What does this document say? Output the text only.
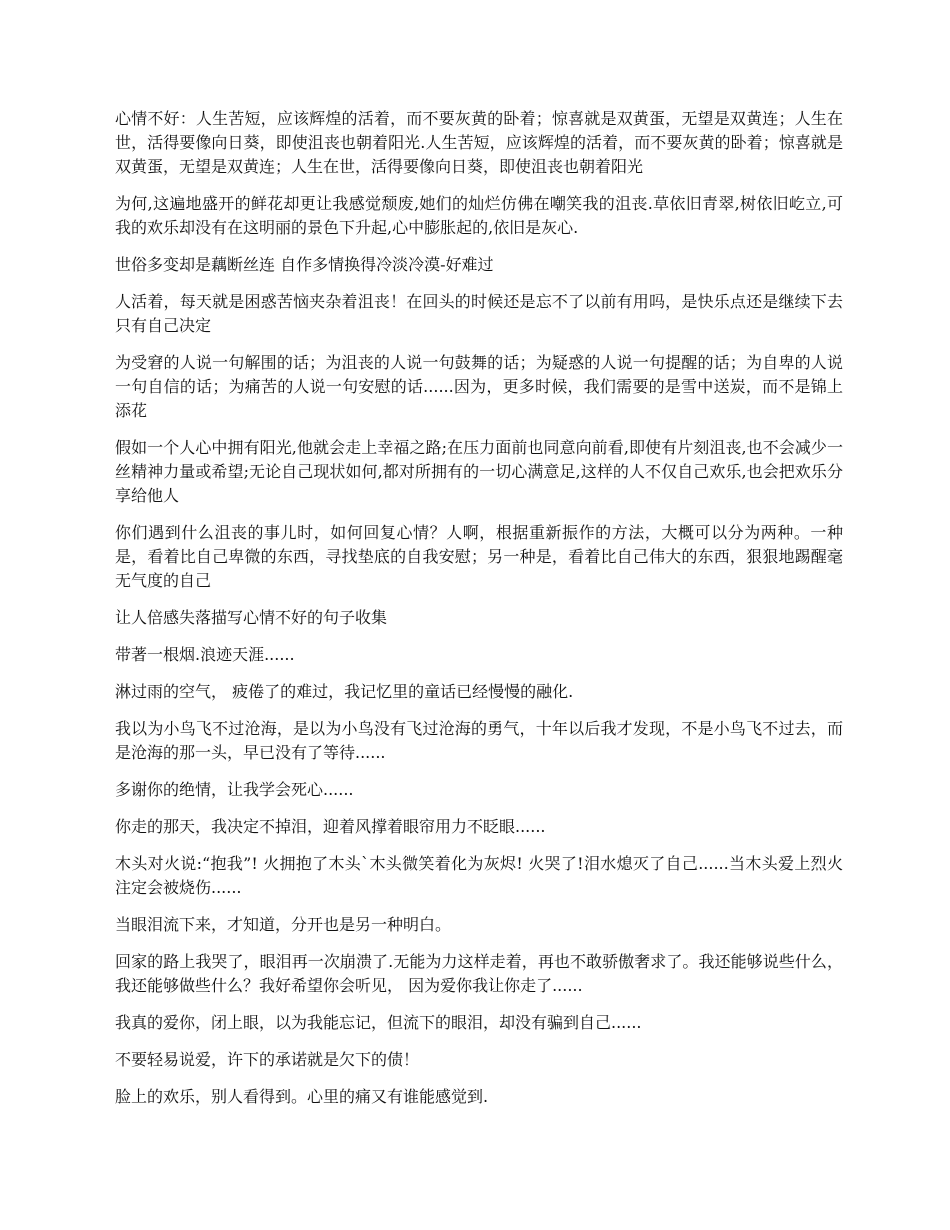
心情不好：人生苦短，应该辉煌的活着，而不要灰黄的卧着；惊喜就是双黄蛋，无望是双黄连；人生在世，活得要像向日葵，即使沮丧也朝着阳光.人生苦短，应该辉煌的活着，而不要灰黄的卧着；惊喜就是双黄蛋，无望是双黄连；人生在世，活得要像向日葵，即使沮丧也朝着阳光

为何,这遍地盛开的鲜花却更让我感觉颓废,她们的灿烂仿佛在嘲笑我的沮丧.草依旧青翠,树依旧屹立,可我的欢乐却没有在这明丽的景色下升起,心中膨胀起的,依旧是灰心.

世俗多变却是藕断丝连 自作多情换得冷淡冷漠-好难过

人活着，每天就是困惑苦恼夹杂着沮丧！在回头的时候还是忘不了以前有用吗，是快乐点还是继续下去只有自己决定

为受窘的人说一句解围的话；为沮丧的人说一句鼓舞的话；为疑惑的人说一句提醒的话；为自卑的人说一句自信的话；为痛苦的人说一句安慰的话......因为，更多时候，我们需要的是雪中送炭，而不是锦上添花

假如一个人心中拥有阳光,他就会走上幸福之路;在压力面前也同意向前看,即使有片刻沮丧,也不会减少一丝精神力量或希望;无论自己现状如何,都对所拥有的一切心满意足,这样的人不仅自己欢乐,也会把欢乐分享给他人

你们遇到什么沮丧的事儿时，如何回复心情？人啊，根据重新振作的方法，大概可以分为两种。一种是，看着比自己卑微的东西，寻找垫底的自我安慰；另一种是，看着比自己伟大的东西，狠狠地踢醒毫无气度的自己

让人倍感失落描写心情不好的句子收集

带著一根烟.浪迹天涯......

淋过雨的空气， 疲倦了的难过，我记忆里的童话已经慢慢的融化.

我以为小鸟飞不过沧海，是以为小鸟没有飞过沧海的勇气，十年以后我才发现，不是小鸟飞不过去，而是沧海的那一头，早已没有了等待......

多谢你的绝情，让我学会死心......

你走的那天，我决定不掉泪，迎着风撑着眼帘用力不眨眼......

木头对火说:“抱我”! 火拥抱了木头`木头微笑着化为灰烬! 火哭了!泪水熄灭了自己......当木头爱上烈火注定会被烧伤......

当眼泪流下来，才知道，分开也是另一种明白。

回家的路上我哭了，眼泪再一次崩溃了.无能为力这样走着，再也不敢骄傲奢求了。我还能够说些什么，我还能够做些什么？我好希望你会听见， 因为爱你我让你走了......

我真的爱你，闭上眼，以为我能忘记，但流下的眼泪，却没有骗到自己......

不要轻易说爱，许下的承诺就是欠下的债！

脸上的欢乐，别人看得到。心里的痛又有谁能感觉到.
